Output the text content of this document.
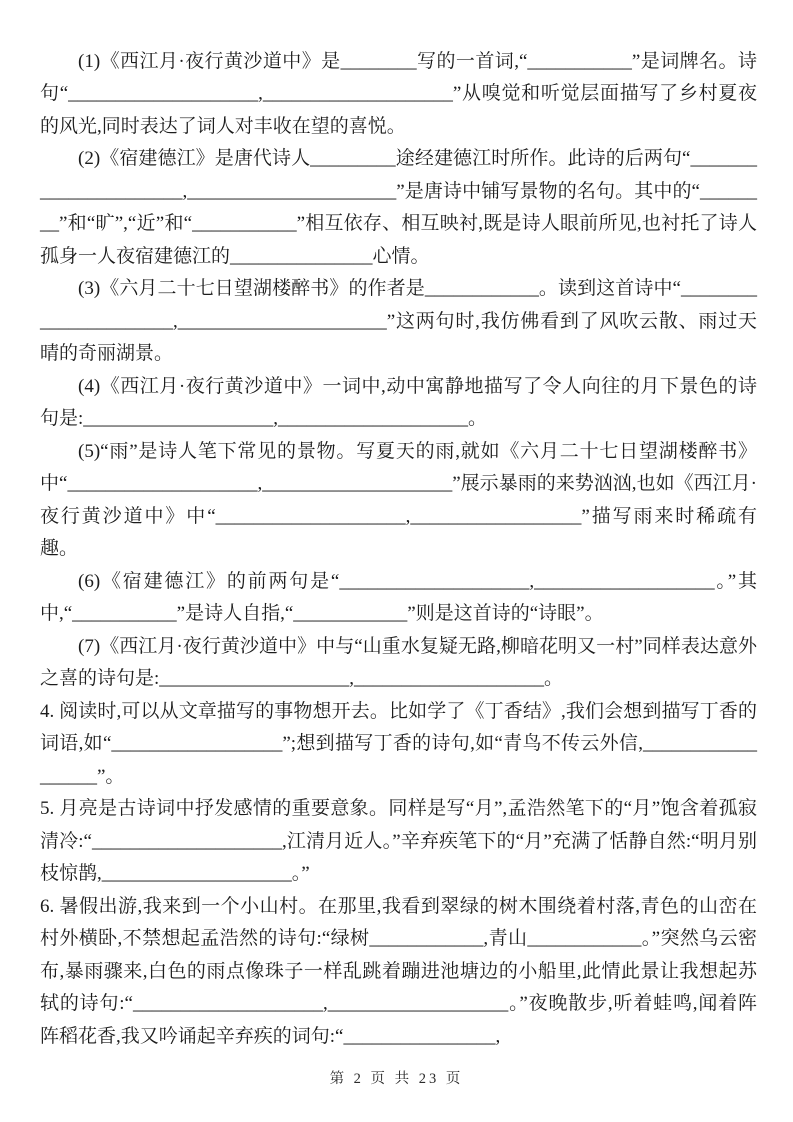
(1)《西江月·夜行黄沙道中》是________写的一首词,“___________”是词牌名。诗句“____________________,____________________”从嗅觉和听觉层面描写了乡村夏夜的风光,同时表达了词人对丰收在望的喜悦。

(2)《宿建德江》是唐代诗人_________途经建德江时所作。此诗的后两句“______________________,______________________”是唐诗中铺写景物的名句。其中的“________”和“旷”,“近”和“___________”相互依存、相互映衬,既是诗人眼前所见,也衬托了诗人孤身一人夜宿建德江的_______________心情。

(3)《六月二十七日望湖楼醉书》的作者是____________。读到这首诗中“______________________,______________________”这两句时,我仿佛看到了风吹云散、雨过天晴的奇丽湖景。

(4)《西江月·夜行黄沙道中》一词中,动中寓静地描写了令人向往的月下景色的诗句是:____________________,____________________。

(5)“雨”是诗人笔下常见的景物。写夏天的雨,就如《六月二十七日望湖楼醉书》中“____________________,____________________”展示暴雨的来势汹汹,也如《西江月·夜行黄沙道中》中“____________________,__________________”描写雨来时稀疏有趣。

(6)《宿建德江》的前两句是“____________________,___________________。”其中,“___________”是诗人自指,“____________”则是这首诗的“诗眼”。

(7)《西江月·夜行黄沙道中》中与“山重水复疑无路,柳暗花明又一村”同样表达意外之喜的诗句是:____________________,____________________。

4. 阅读时,可以从文章描写的事物想开去。比如学了《丁香结》,我们会想到描写丁香的词语,如“__________________”;想到描写丁香的诗句,如“青鸟不传云外信,__________________”。

5. 月亮是古诗词中抒发感情的重要意象。同样是写“月”,孟浩然笔下的“月”饱含着孤寂清冷:“____________________,江清月近人。”辛弃疾笔下的“月”充满了恬静自然:“明月别枝惊鹊,____________________。”

6. 暑假出游,我来到一个小山村。在那里,我看到翠绿的树木围绕着村落,青色的山峦在村外横卧,不禁想起孟浩然的诗句:“绿树____________,青山____________。”突然乌云密布,暴雨骤来,白色的雨点像珠子一样乱跳着蹦进池塘边的小船里,此情此景让我想起苏轼的诗句:“____________________,___________________。”夜晚散步,听着蛙鸣,闻着阵阵稻花香,我又吟诵起辛弃疾的词句:“________________,

第 2 页 共 23 页
